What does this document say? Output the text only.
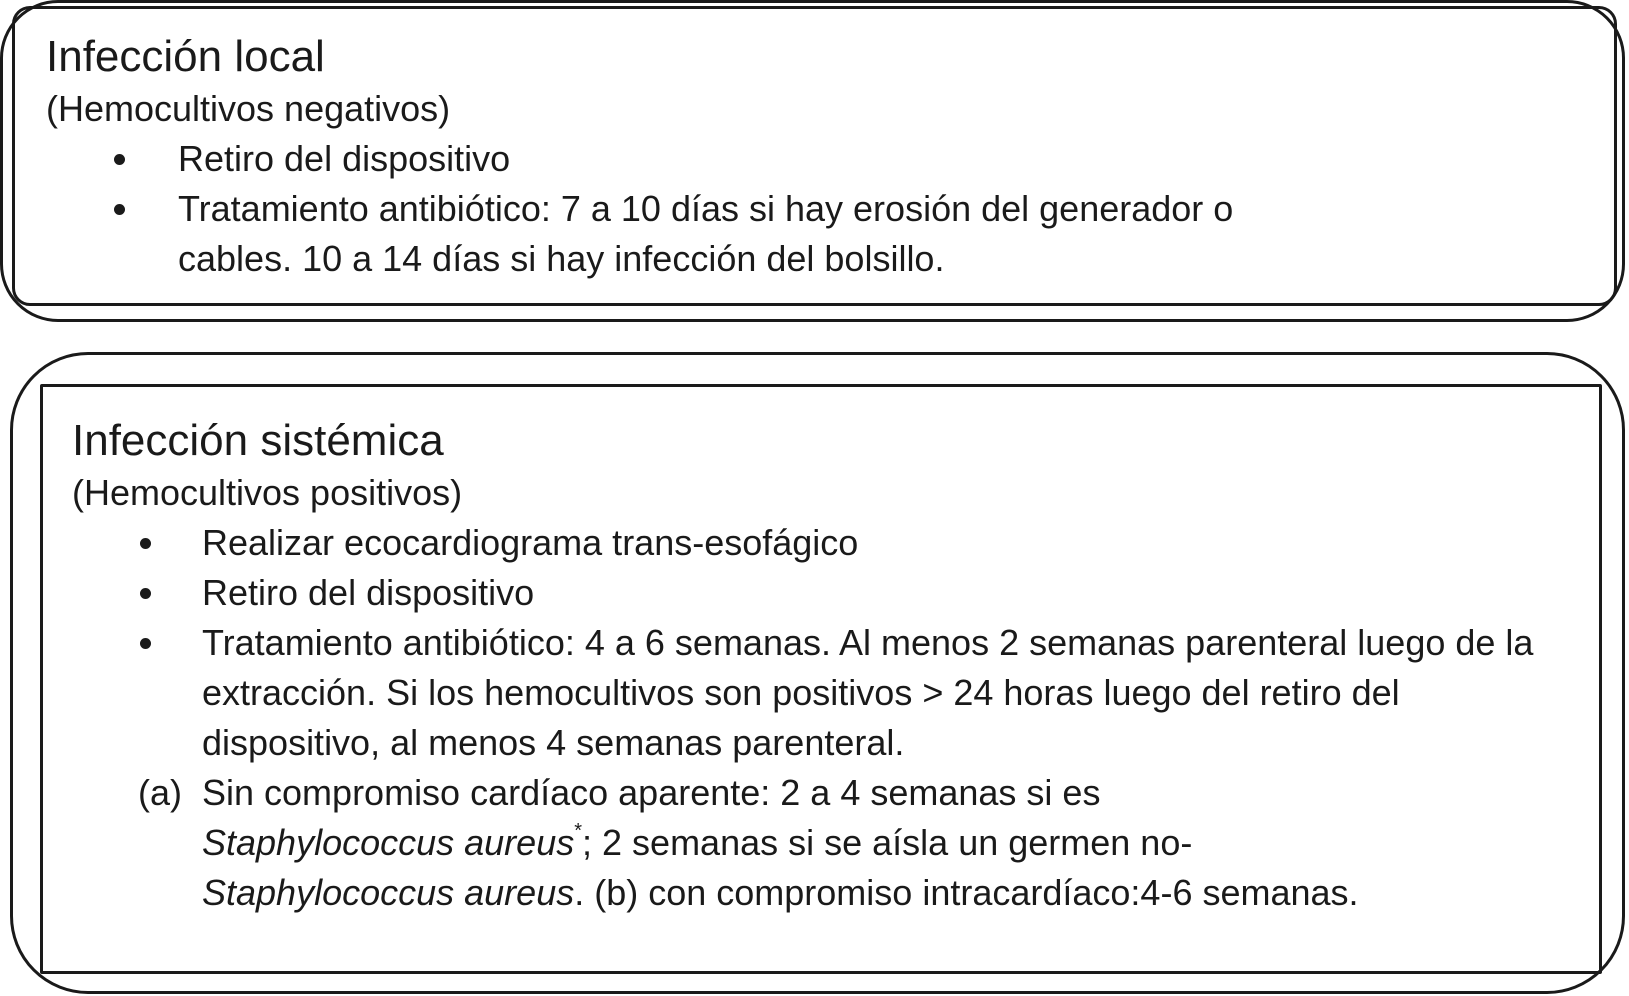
Infección local

(Hemocultivos negativos)

Retiro del dispositivo
Tratamiento antibiótico: 7 a 10 días si hay erosión del generador o cables. 10 a 14 días si hay infección del bolsillo.

Infección sistémica

(Hemocultivos positivos)

Realizar ecocardiograma trans-esofágico
Retiro del dispositivo
Tratamiento antibiótico: 4 a 6 semanas. Al menos 2 semanas parenteral luego de la extracción. Si los hemocultivos son positivos > 24 horas luego del retiro del dispositivo, al menos 4 semanas parenteral.
(a) Sin compromiso cardíaco aparente: 2 a 4 semanas si es
Staphylococcus aureus*; 2 semanas si se aísla un germen no-
Staphylococcus aureus. (b) con compromiso intracardíaco:4-6 semanas.
